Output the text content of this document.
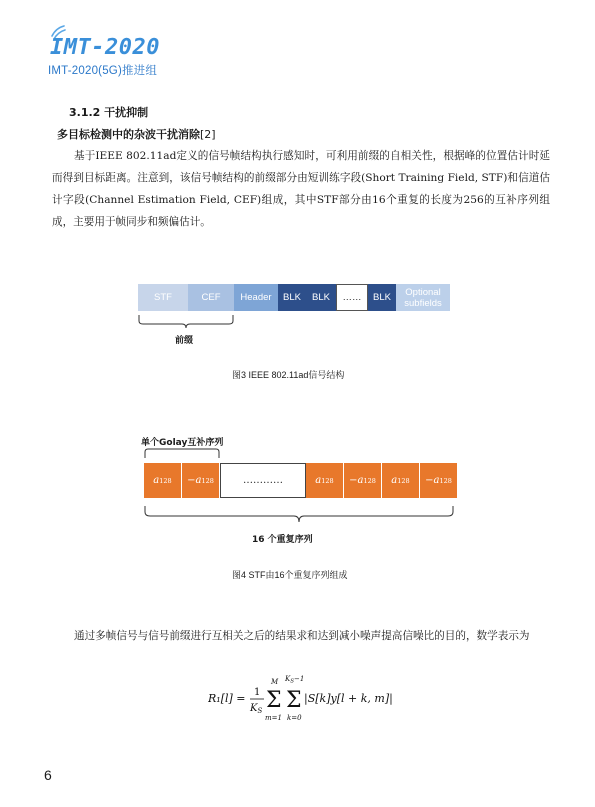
IMT-2020
IMT-2020(5G)推进组
3.1.2 干扰抑制
多目标检测中的杂波干扰消除[2]
基于IEEE 802.11ad定义的信号帧结构执行感知时，可利用前缀的自相关性，根据峰的位置估计时延而得到目标距离。注意到，该信号帧结构的前缀部分由短训练字段(Short Training Field, STF)和信道估计字段(Channel Estimation Field, CEF)组成，其中STF部分由16个重复的长度为256的互补序列组成，主要用于帧同步和频偏估计。
STF	CEF	Header	BLK	BLK	……	BLK	Optional subfields
前缀
图3 IEEE 802.11ad信号结构
单个Golay互补序列
a 128 − a 128	…………	a 128 − a 128 a 128 − a 128
16 个重复序列
图4 STF由16个重复序列组成
通过多帧信号与信号前缀进行互相关之后的结果求和达到减小噪声提高信噪比的目的，数学表示为
R₁[l] = 1
$K_S$
M
Σ
m=1
$K_S-1$
Σ
k=0
|S[k]y[l + k, m]|
6
